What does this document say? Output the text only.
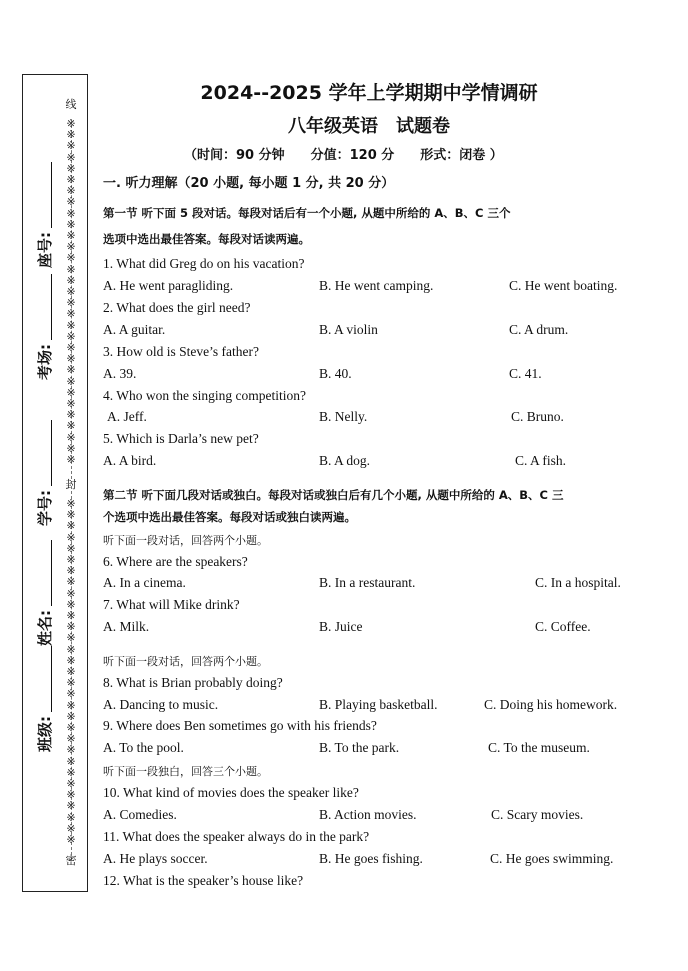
线
※※※※※※※※※※※※※※※※※※※※※※※※※※※※※※※
封
※※※※※※※※※※※※※※※※※※※※※※※※※※※※※※※
密
班级:
姓名:
学号:
考场:
座号:
2024--2025 学年上学期期中学情调研
八年级英语　试题卷
（时间：90 分钟　　分值：120 分　　形式：闭卷 ）
一. 听力理解（20 小题, 每小题 1 分, 共 20 分）
第一节 听下面 5 段对话。每段对话后有一个小题, 从题中所给的 A、B、C 三个
选项中选出最佳答案。每段对话读两遍。
1. What did Greg do on his vacation?
A. He went paragliding.	B. He went camping.	C. He went boating.
2. What does the girl need?
A. A guitar.	B. A violin	C. A drum.
3. How old is Steve’s father?
A. 39.	B. 40.	C. 41.
4. Who won the singing competition?
A. Jeff.	B. Nelly.	C. Bruno.
5. Which is Darla’s new pet?
A. A bird.	B. A dog.	C. A fish.
第二节 听下面几段对话或独白。每段对话或独白后有几个小题, 从题中所给的 A、B、C 三
个选项中选出最佳答案。每段对话或独白读两遍。
听下面一段对话，回答两个小题。
6. Where are the speakers?
A. In a cinema.	B. In a restaurant.	C. In a hospital.
7. What will Mike drink?
A. Milk.	B. Juice	C. Coffee.
听下面一段对话，回答两个小题。
8. What is Brian probably doing?
A. Dancing to music.	B. Playing basketball.	C. Doing his homework.
9. Where does Ben sometimes go with his friends?
A. To the pool.	B. To the park.	C. To the museum.
听下面一段独白，回答三个小题。
10. What kind of movies does the speaker like?
A. Comedies.	B. Action movies.	C. Scary movies.
11. What does the speaker always do in the park?
A. He plays soccer.	B. He goes fishing.	C. He goes swimming.
12. What is the speaker’s house like?
